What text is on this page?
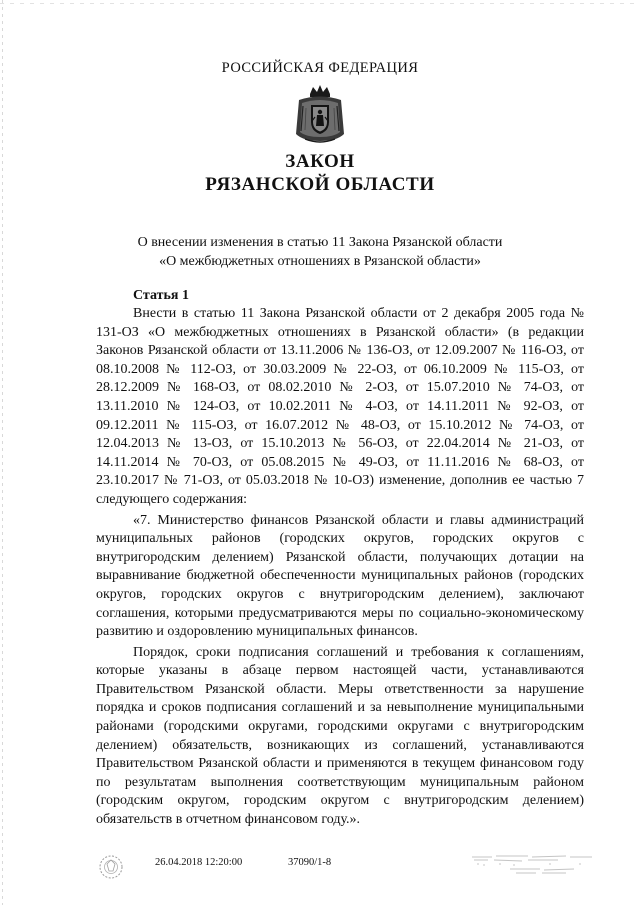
РОССИЙСКАЯ ФЕДЕРАЦИЯ
ЗАКОН
РЯЗАНСКОЙ ОБЛАСТИ
О внесении изменения в статью 11 Закона Рязанской области
«О межбюджетных отношениях в Рязанской области»
Статья 1

Внести в статью 11 Закона Рязанской области от 2 декабря 2005 года № 131-ОЗ «О межбюджетных отношениях в Рязанской области» (в редакции Законов Рязанской области от 13.11.2006 № 136-ОЗ, от 12.09.2007 № 116-ОЗ, от 08.10.2008 № 112-ОЗ, от 30.03.2009 № 22-ОЗ, от 06.10.2009 № 115-ОЗ, от 28.12.2009 № 168-ОЗ, от 08.02.2010 № 2-ОЗ, от 15.07.2010 № 74-ОЗ, от 13.11.2010 № 124-ОЗ, от 10.02.2011 № 4-ОЗ, от 14.11.2011 № 92-ОЗ, от 09.12.2011 № 115-ОЗ, от 16.07.2012 № 48-ОЗ, от 15.10.2012 № 74-ОЗ, от 12.04.2013 № 13-ОЗ, от 15.10.2013 № 56-ОЗ, от 22.04.2014 № 21-ОЗ, от 14.11.2014 № 70-ОЗ, от 05.08.2015 № 49-ОЗ, от 11.11.2016 № 68-ОЗ, от 23.10.2017 № 71-ОЗ, от 05.03.2018 № 10-ОЗ) изменение, дополнив ее частью 7 следующего содержания:

«7. Министерство финансов Рязанской области и главы администраций муниципальных районов (городских округов, городских округов с внутригородским делением) Рязанской области, получающих дотации на выравнивание бюджетной обеспеченности муниципальных районов (городских округов, городских округов с внутригородским делением), заключают соглашения, которыми предусматриваются меры по социально-экономическому развитию и оздоровлению муниципальных финансов.

Порядок, сроки подписания соглашений и требования к соглашениям, которые указаны в абзаце первом настоящей части, устанавливаются Правительством Рязанской области. Меры ответственности за нарушение порядка и сроков подписания соглашений и за невыполнение муниципальными районами (городскими округами, городскими округами с внутригородским делением) обязательств, возникающих из соглашений, устанавливаются Правительством Рязанской области и применяются в текущем финансовом году по результатам выполнения соответствующим муниципальным районом (городским округом, городским округом с внутригородским делением) обязательств в отчетном финансовом году.».

26.04.2018 12:20:00	37090/1-8
